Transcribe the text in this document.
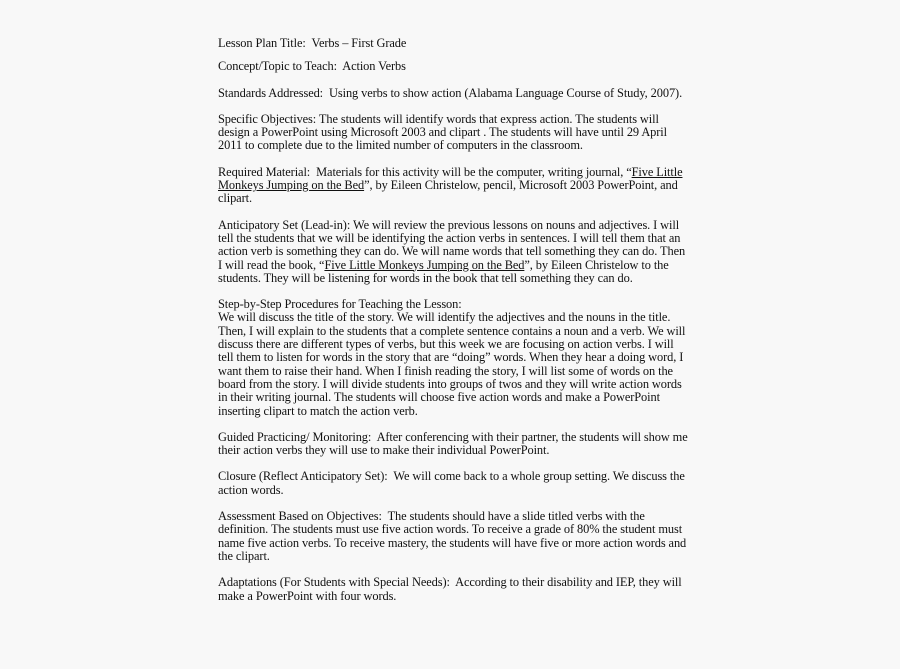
Lesson Plan Title: Verbs – First Grade

Concept/Topic to Teach: Action Verbs

Standards Addressed: Using verbs to show action (Alabama Language Course of Study, 2007).

Specific Objectives: The students will identify words that express action. The students will design a PowerPoint using Microsoft 2003 and clipart . The students will have until 29 April 2011 to complete due to the limited number of computers in the classroom.

Required Material: Materials for this activity will be the computer, writing journal, “Five Little Monkeys Jumping on the Bed”, by Eileen Christelow, pencil, Microsoft 2003 PowerPoint, and clipart.

Anticipatory Set (Lead-in): We will review the previous lessons on nouns and adjectives. I will tell the students that we will be identifying the action verbs in sentences. I will tell them that an action verb is something they can do. We will name words that tell something they can do. Then I will read the book, “Five Little Monkeys Jumping on the Bed”, by Eileen Christelow to the students. They will be listening for words in the book that tell something they can do.

Step-by-Step Procedures for Teaching the Lesson:
We will discuss the title of the story. We will identify the adjectives and the nouns in the title. Then, I will explain to the students that a complete sentence contains a noun and a verb. We will discuss there are different types of verbs, but this week we are focusing on action verbs. I will tell them to listen for words in the story that are “doing” words. When they hear a doing word, I want them to raise their hand. When I finish reading the story, I will list some of words on the board from the story. I will divide students into groups of twos and they will write action words in their writing journal. The students will choose five action words and make a PowerPoint inserting clipart to match the action verb.

Guided Practicing/ Monitoring: After conferencing with their partner, the students will show me their action verbs they will use to make their individual PowerPoint.

Closure (Reflect Anticipatory Set): We will come back to a whole group setting. We discuss the action words.

Assessment Based on Objectives: The students should have a slide titled verbs with the definition. The students must use five action words. To receive a grade of 80% the student must name five action verbs. To receive mastery, the students will have five or more action words and the clipart.

Adaptations (For Students with Special Needs): According to their disability and IEP, they will make a PowerPoint with four words.
